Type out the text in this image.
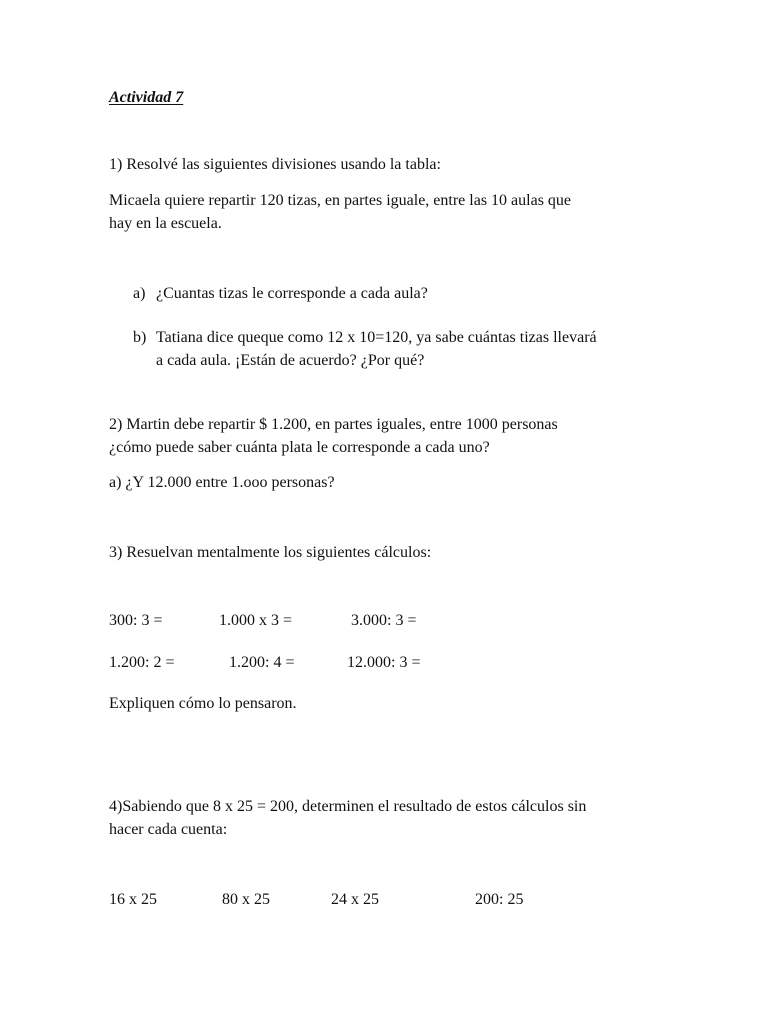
Actividad 7
1) Resolvé las siguientes divisiones usando la tabla:
Micaela quiere repartir 120 tizas, en partes iguale, entre las 10 aulas que
hay en la escuela.
a) ¿Cuantas tizas le corresponde a cada aula?
b) Tatiana dice queque como 12 x 10=120, ya sabe cuántas tizas llevará
a cada aula. ¡Están de acuerdo? ¿Por qué?
2) Martin debe repartir $ 1.200, en partes iguales, entre 1000 personas
¿cómo puede saber cuánta plata le corresponde a cada uno?
a) ¿Y 12.000 entre 1.ooo personas?
3) Resuelvan mentalmente los siguientes cálculos:
300: 3 =	1.000 x 3 =	3.000: 3 =
1.200: 2 =	1.200: 4 =	12.000: 3 =
Expliquen cómo lo pensaron.
4)Sabiendo que 8 x 25 = 200, determinen el resultado de estos cálculos sin
hacer cada cuenta:
16 x 25	80 x 25	24 x 25	200: 25
